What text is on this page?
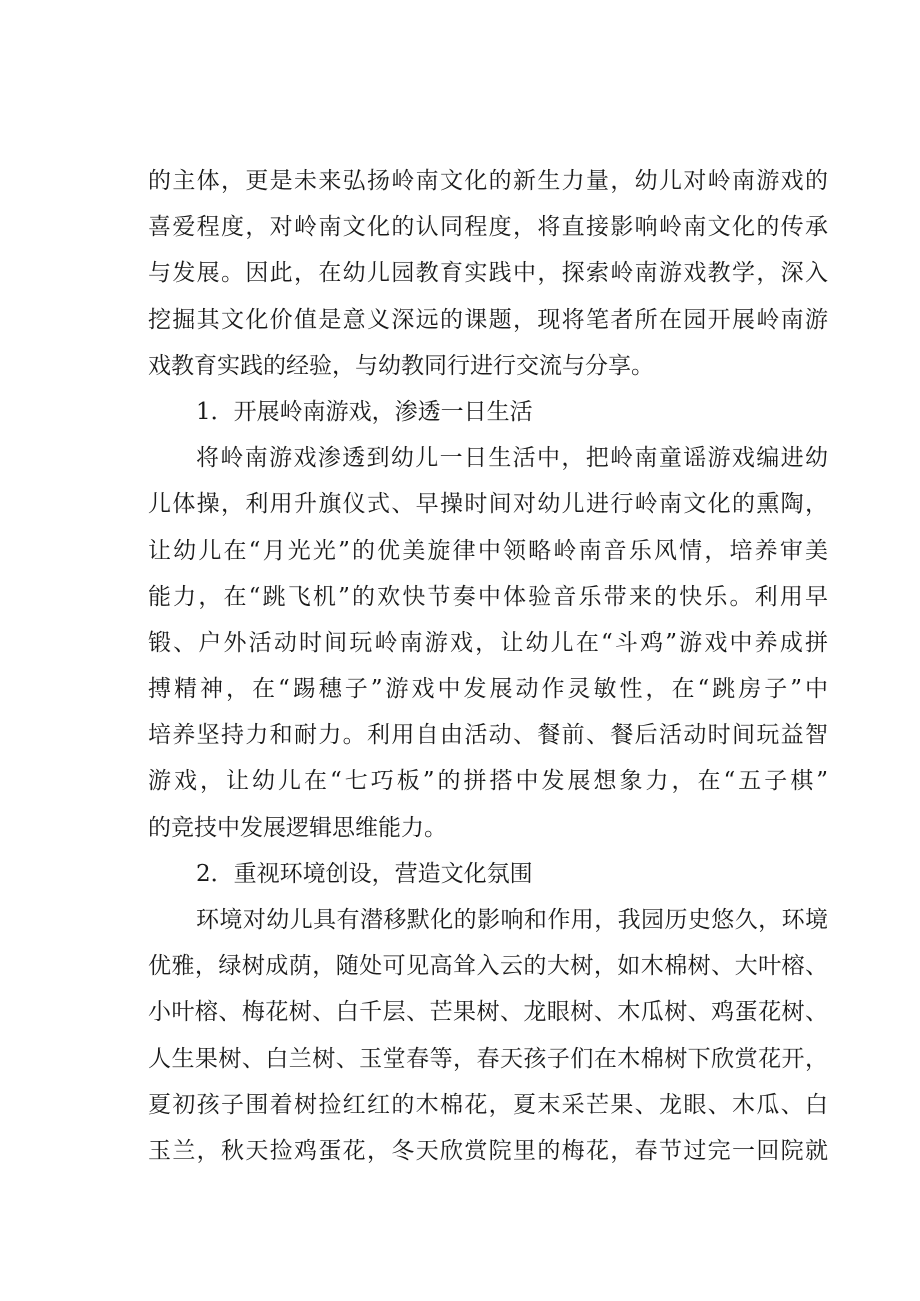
的主体，更是未来弘扬岭南文化的新生力量，幼儿对岭南游戏的
喜爱程度，对岭南文化的认同程度，将直接影响岭南文化的传承
与发展。因此，在幼儿园教育实践中，探索岭南游戏教学，深入
挖掘其文化价值是意义深远的课题，现将笔者所在园开展岭南游
戏教育实践的经验，与幼教同行进行交流与分享。
1．开展岭南游戏，渗透一日生活
将岭南游戏渗透到幼儿一日生活中，把岭南童谣游戏编进幼
儿体操，利用升旗仪式、早操时间对幼儿进行岭南文化的熏陶，
让幼儿在“月光光”的优美旋律中领略岭南音乐风情，培养审美
能力，在“跳飞机”的欢快节奏中体验音乐带来的快乐。利用早
锻、户外活动时间玩岭南游戏，让幼儿在“斗鸡”游戏中养成拼
搏精神，在“踢穗子”游戏中发展动作灵敏性，在“跳房子”中
培养坚持力和耐力。利用自由活动、餐前、餐后活动时间玩益智
游戏，让幼儿在“七巧板”的拼搭中发展想象力，在“五子棋”
的竞技中发展逻辑思维能力。
2．重视环境创设，营造文化氛围
环境对幼儿具有潜移默化的影响和作用，我园历史悠久，环境
优雅，绿树成荫，随处可见高耸入云的大树，如木棉树、大叶榕、
小叶榕、梅花树、白千层、芒果树、龙眼树、木瓜树、鸡蛋花树、
人生果树、白兰树、玉堂春等，春天孩子们在木棉树下欣赏花开，
夏初孩子围着树捡红红的木棉花，夏末采芒果、龙眼、木瓜、白
玉兰，秋天捡鸡蛋花，冬天欣赏院里的梅花，春节过完一回院就
